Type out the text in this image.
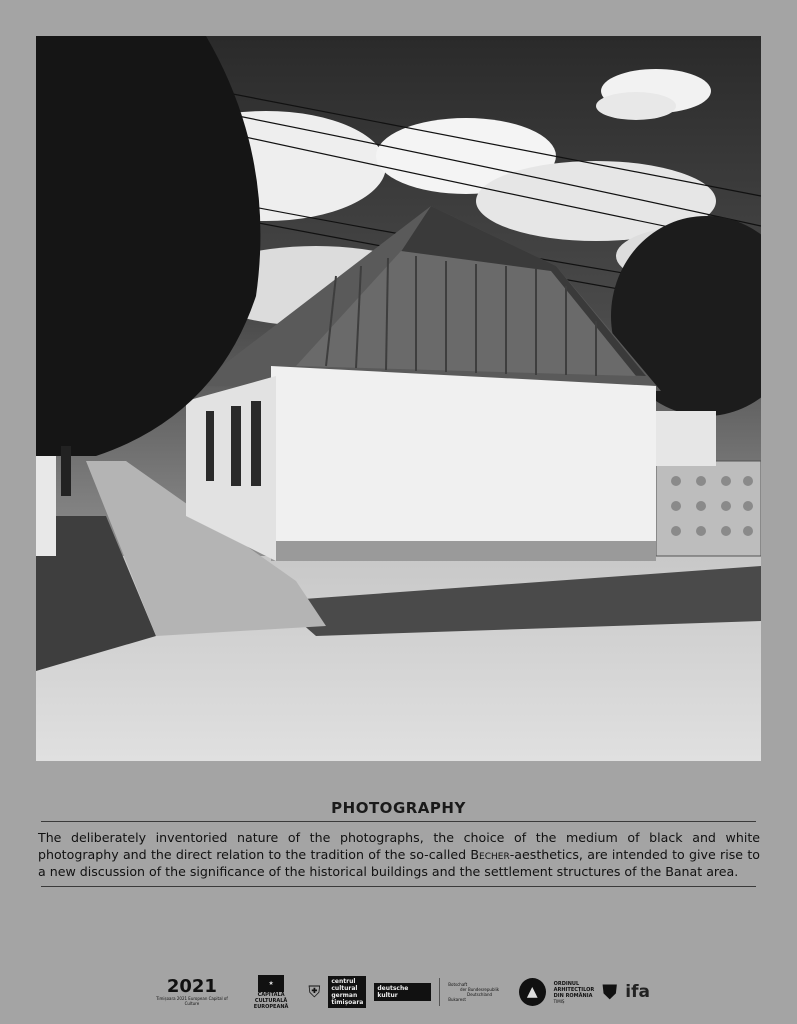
PHOTOGRAPHY
The deliberately inventoried nature of the photographs, the choice of the medium of black and white photography and the direct relation to the tradition of the so-called Becher-aesthetics, are intended to give rise to a new discussion of the significance of the historical buildings and the settlement structures of the Banat area.
2021
Timișoara 2021 European Capital of Culture
★
CAPITALĂ CULTURALĂ
EUROPEANĂ
⛨
centrul
cultural
german
timișoara
deutsche kultur
Botschaft
der Bundesrepublik Deutschland
Bukarest	▲
ORDINUL
ARHITECȚILOR
DIN ROMÂNIA
TIMIȘ ⛊ ifa
